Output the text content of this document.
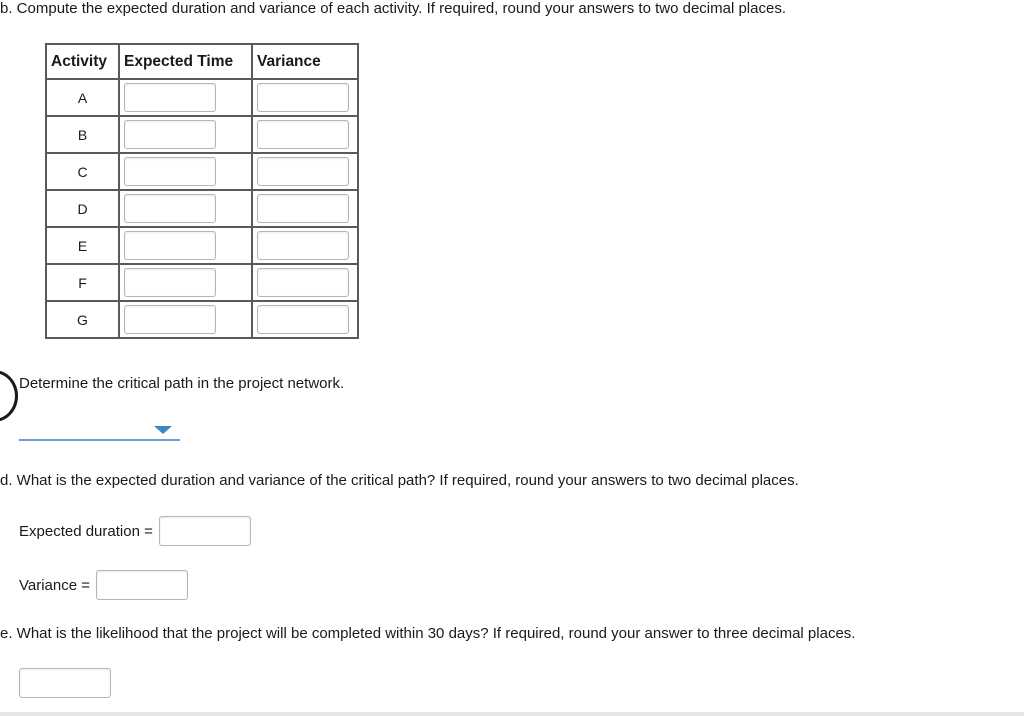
b. Compute the expected duration and variance of each activity. If required, round your answers to two decimal places.
Activity	Expected Time	Variance
A	

B	

C	

D	

E	

F	

G	

Determine the critical path in the project network.
d. What is the expected duration and variance of the critical path? If required, round your answers to two decimal places.
Expected duration =
Variance =
e. What is the likelihood that the project will be completed within 30 days? If required, round your answer to three decimal places.
